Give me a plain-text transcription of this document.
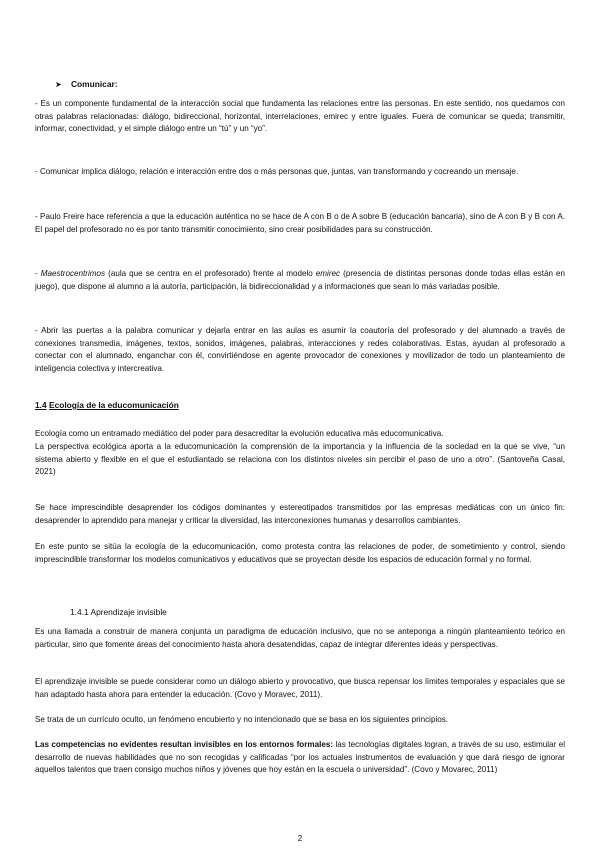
➤ Comunicar:

- Es un componente fundamental de la interacción social que fundamenta las relaciones entre las personas. En este sentido, nos quedamos con otras palabras relacionadas: diálogo, bidireccional, horizontal, interrelaciones, emirec y entre iguales. Fuera de comunicar se queda; transmitir, informar, conectividad, y el simple diálogo entre un “tú” y un “yo”.

- Comunicar implica diálogo, relación e interacción entre dos o más personas que, juntas, van transformando y cocreando un mensaje.

- Paulo Freire hace referencia a que la educación auténtica no se hace de A con B o de A sobre B (educación bancaria), sino de A con B y B con A. El papel del profesorado no es por tanto transmitir conocimiento, sino crear posibilidades para su construcción.

- Maestrocentrimos (aula que se centra en el profesorado) frente al modelo emirec (presencia de distintas personas donde todas ellas están en juego), que dispone al alumno a la autoría, participación, la bidireccionalidad y a informaciones que sean lo más variadas posible.

- Abrir las puertas a la palabra comunicar y dejarla entrar en las aulas es asumir la coautoría del profesorado y del alumnado a través de conexiones transmedia, imágenes, textos, sonidos, imágenes, palabras, interacciones y redes colaborativas. Estas, ayudan al profesorado a conectar con el alumnado, enganchar con él, convirtiéndose en agente provocador de conexiones y movilizador de todo un planteamiento de inteligencia colectiva y intercreativa.

1.4 Ecología de la educomunicación

Ecología como un entramado mediático del poder para desacreditar la evolución educativa más educomunicativa.

La perspectiva ecológica aporta a la educomunicación la comprensión de la importancia y la influencia de la sociedad en la que se vive, “un sistema abierto y flexible en el que el estudiantado se relaciona con los distintos niveles sin percibir el paso de uno a otro”. (Santoveña Casal, 2021)

Se hace imprescindible desaprender los códigos dominantes y estereotipados transmitidos por las empresas mediáticas con un único fin: desaprender lo aprendido para manejar y criticar la diversidad, las interconexiones humanas y desarrollos cambiantes.

En este punto se sitúa la ecología de la educomunicación, como protesta contra las relaciones de poder, de sometimiento y control, siendo imprescindible transformar los modelos comunicativos y educativos que se proyectan desde los espacios de educación formal y no formal.

1.4.1 Aprendizaje invisible

Es una llamada a construir de manera conjunta un paradigma de educación inclusivo, que no se anteponga a ningún planteamiento teórico en particular, sino que fomente áreas del conocimiento hasta ahora desatendidas, capaz de integrar diferentes ideas y perspectivas.

El aprendizaje invisible se puede considerar como un diálogo abierto y provocativo, que busca repensar los límites temporales y espaciales que se han adaptado hasta ahora para entender la educación. (Covo y Moravec, 2011).

Se trata de un currículo oculto, un fenómeno encubierto y no intencionado que se basa en los siguientes principios.

Las competencias no evidentes resultan invisibles en los entornos formales: las tecnologías digitales logran, a través de su uso, estimular el desarrollo de nuevas habilidades que no son recogidas y calificadas “por los actuales instrumentos de evaluación y que dará riesgo de ignorar aquellos talentos que traen consigo muchos niños y jóvenes que hoy están en la escuela o universidad”. (Covo y Movarec, 2011)

2
